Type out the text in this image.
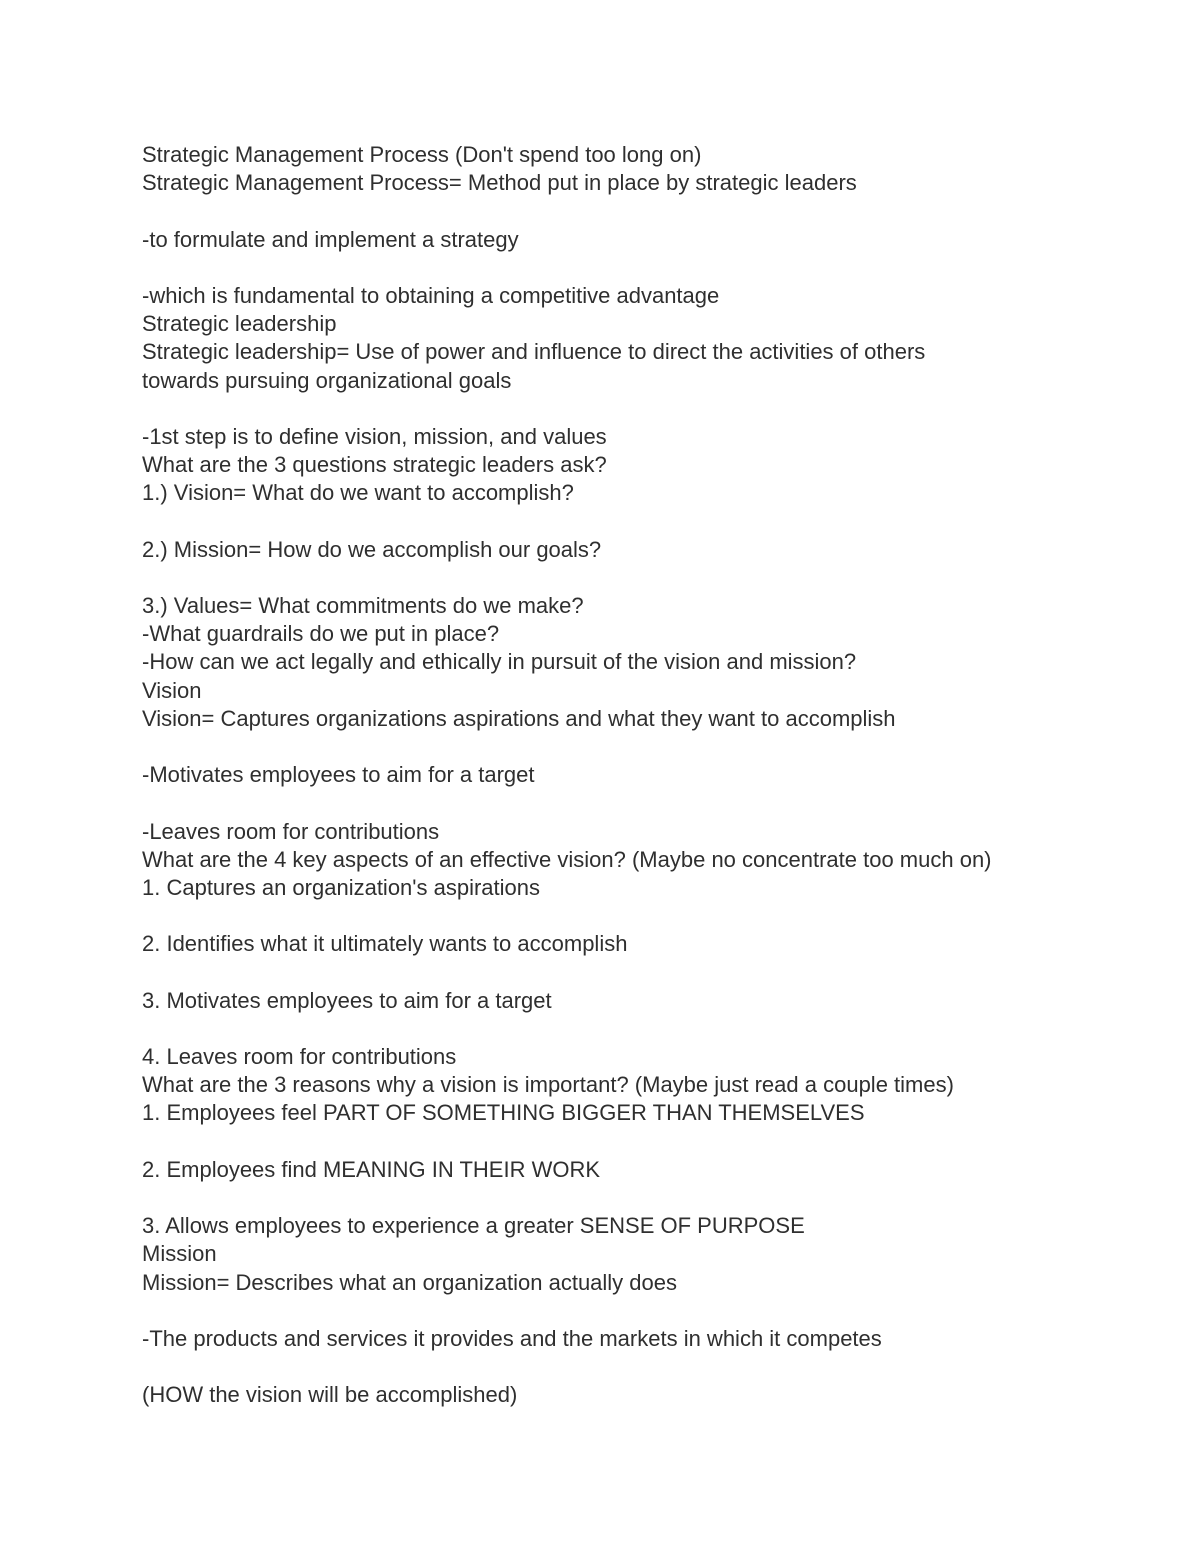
Strategic Management Process (Don't spend too long on)
Strategic Management Process= Method put in place by strategic leaders
-to formulate and implement a strategy
-which is fundamental to obtaining a competitive advantage
Strategic leadership
Strategic leadership= Use of power and influence to direct the activities of others
towards pursuing organizational goals
-1st step is to define vision, mission, and values
What are the 3 questions strategic leaders ask?
1.) Vision= What do we want to accomplish?
2.) Mission= How do we accomplish our goals?
3.) Values= What commitments do we make?
-What guardrails do we put in place?
-How can we act legally and ethically in pursuit of the vision and mission?
Vision
Vision= Captures organizations aspirations and what they want to accomplish
-Motivates employees to aim for a target
-Leaves room for contributions
What are the 4 key aspects of an effective vision? (Maybe no concentrate too much on)
1. Captures an organization's aspirations
2. Identifies what it ultimately wants to accomplish
3. Motivates employees to aim for a target
4. Leaves room for contributions
What are the 3 reasons why a vision is important? (Maybe just read a couple times)
1. Employees feel PART OF SOMETHING BIGGER THAN THEMSELVES
2. Employees find MEANING IN THEIR WORK
3. Allows employees to experience a greater SENSE OF PURPOSE
Mission
Mission= Describes what an organization actually does
-The products and services it provides and the markets in which it competes
(HOW the vision will be accomplished)
